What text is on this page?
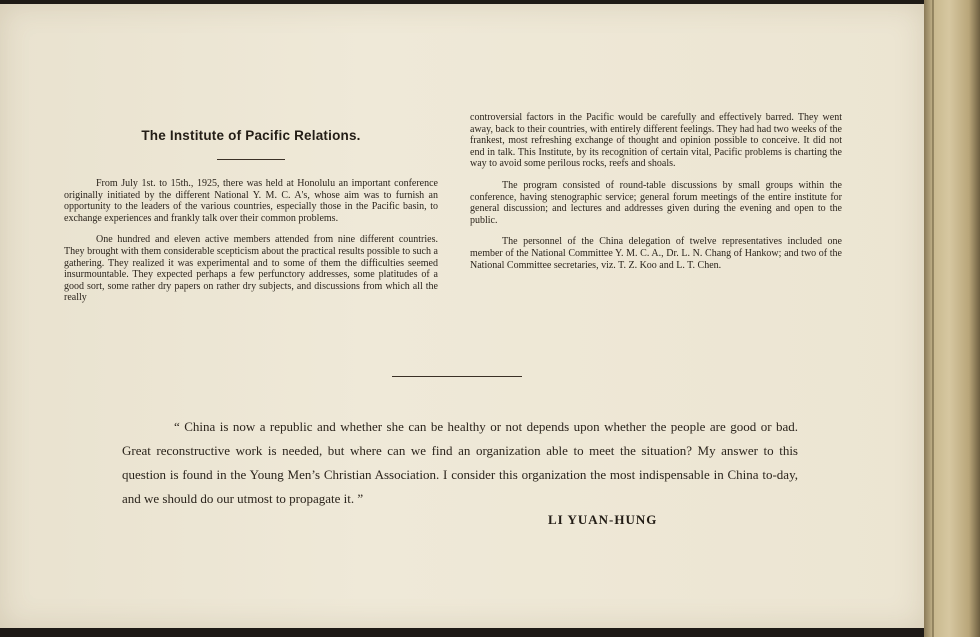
The Institute of Pacific Relations.

From July 1st. to 15th., 1925, there was held at Honolulu an important conference originally initiated by the different National Y. M. C. A's, whose aim was to furnish an opportunity to the leaders of the various countries, especially those in the Pacific basin, to exchange experiences and frankly talk over their common problems.

One hundred and eleven active members attended from nine different countries. They brought with them considerable scepticism about the practical results possible to such a gathering. They realized it was experimental and to some of them the difficulties seemed insurmountable. They expected perhaps a few perfunctory addresses, some platitudes of a good sort, some rather dry papers on rather dry subjects, and discussions from which all the really

controversial factors in the Pacific would be carefully and effectively barred. They went away, back to their countries, with entirely different feelings. They had had two weeks of the frankest, most refreshing exchange of thought and opinion possible to conceive. It did not end in talk. This Institute, by its recognition of certain vital, Pacific problems is charting the way to avoid some perilous rocks, reefs and shoals.

The program consisted of round-table discussions by small groups within the conference, having stenographic service; general forum meetings of the entire institute for general discussion; and lectures and addresses given during the evening and open to the public.

The personnel of the China delegation of twelve representatives included one member of the National Committee Y. M. C. A., Dr. L. N. Chang of Hankow; and two of the National Committee secretaries, viz. T. Z. Koo and L. T. Chen.

“ China is now a republic and whether she can be healthy or not depends upon whether the people are good or bad. Great reconstructive work is needed, but where can we find an organization able to meet the situation? My answer to this question is found in the Young Men’s Christian Association. I consider this organization the most indispensable in China to-day, and we should do our utmost to propagate it. ”

LI YUAN-HUNG
